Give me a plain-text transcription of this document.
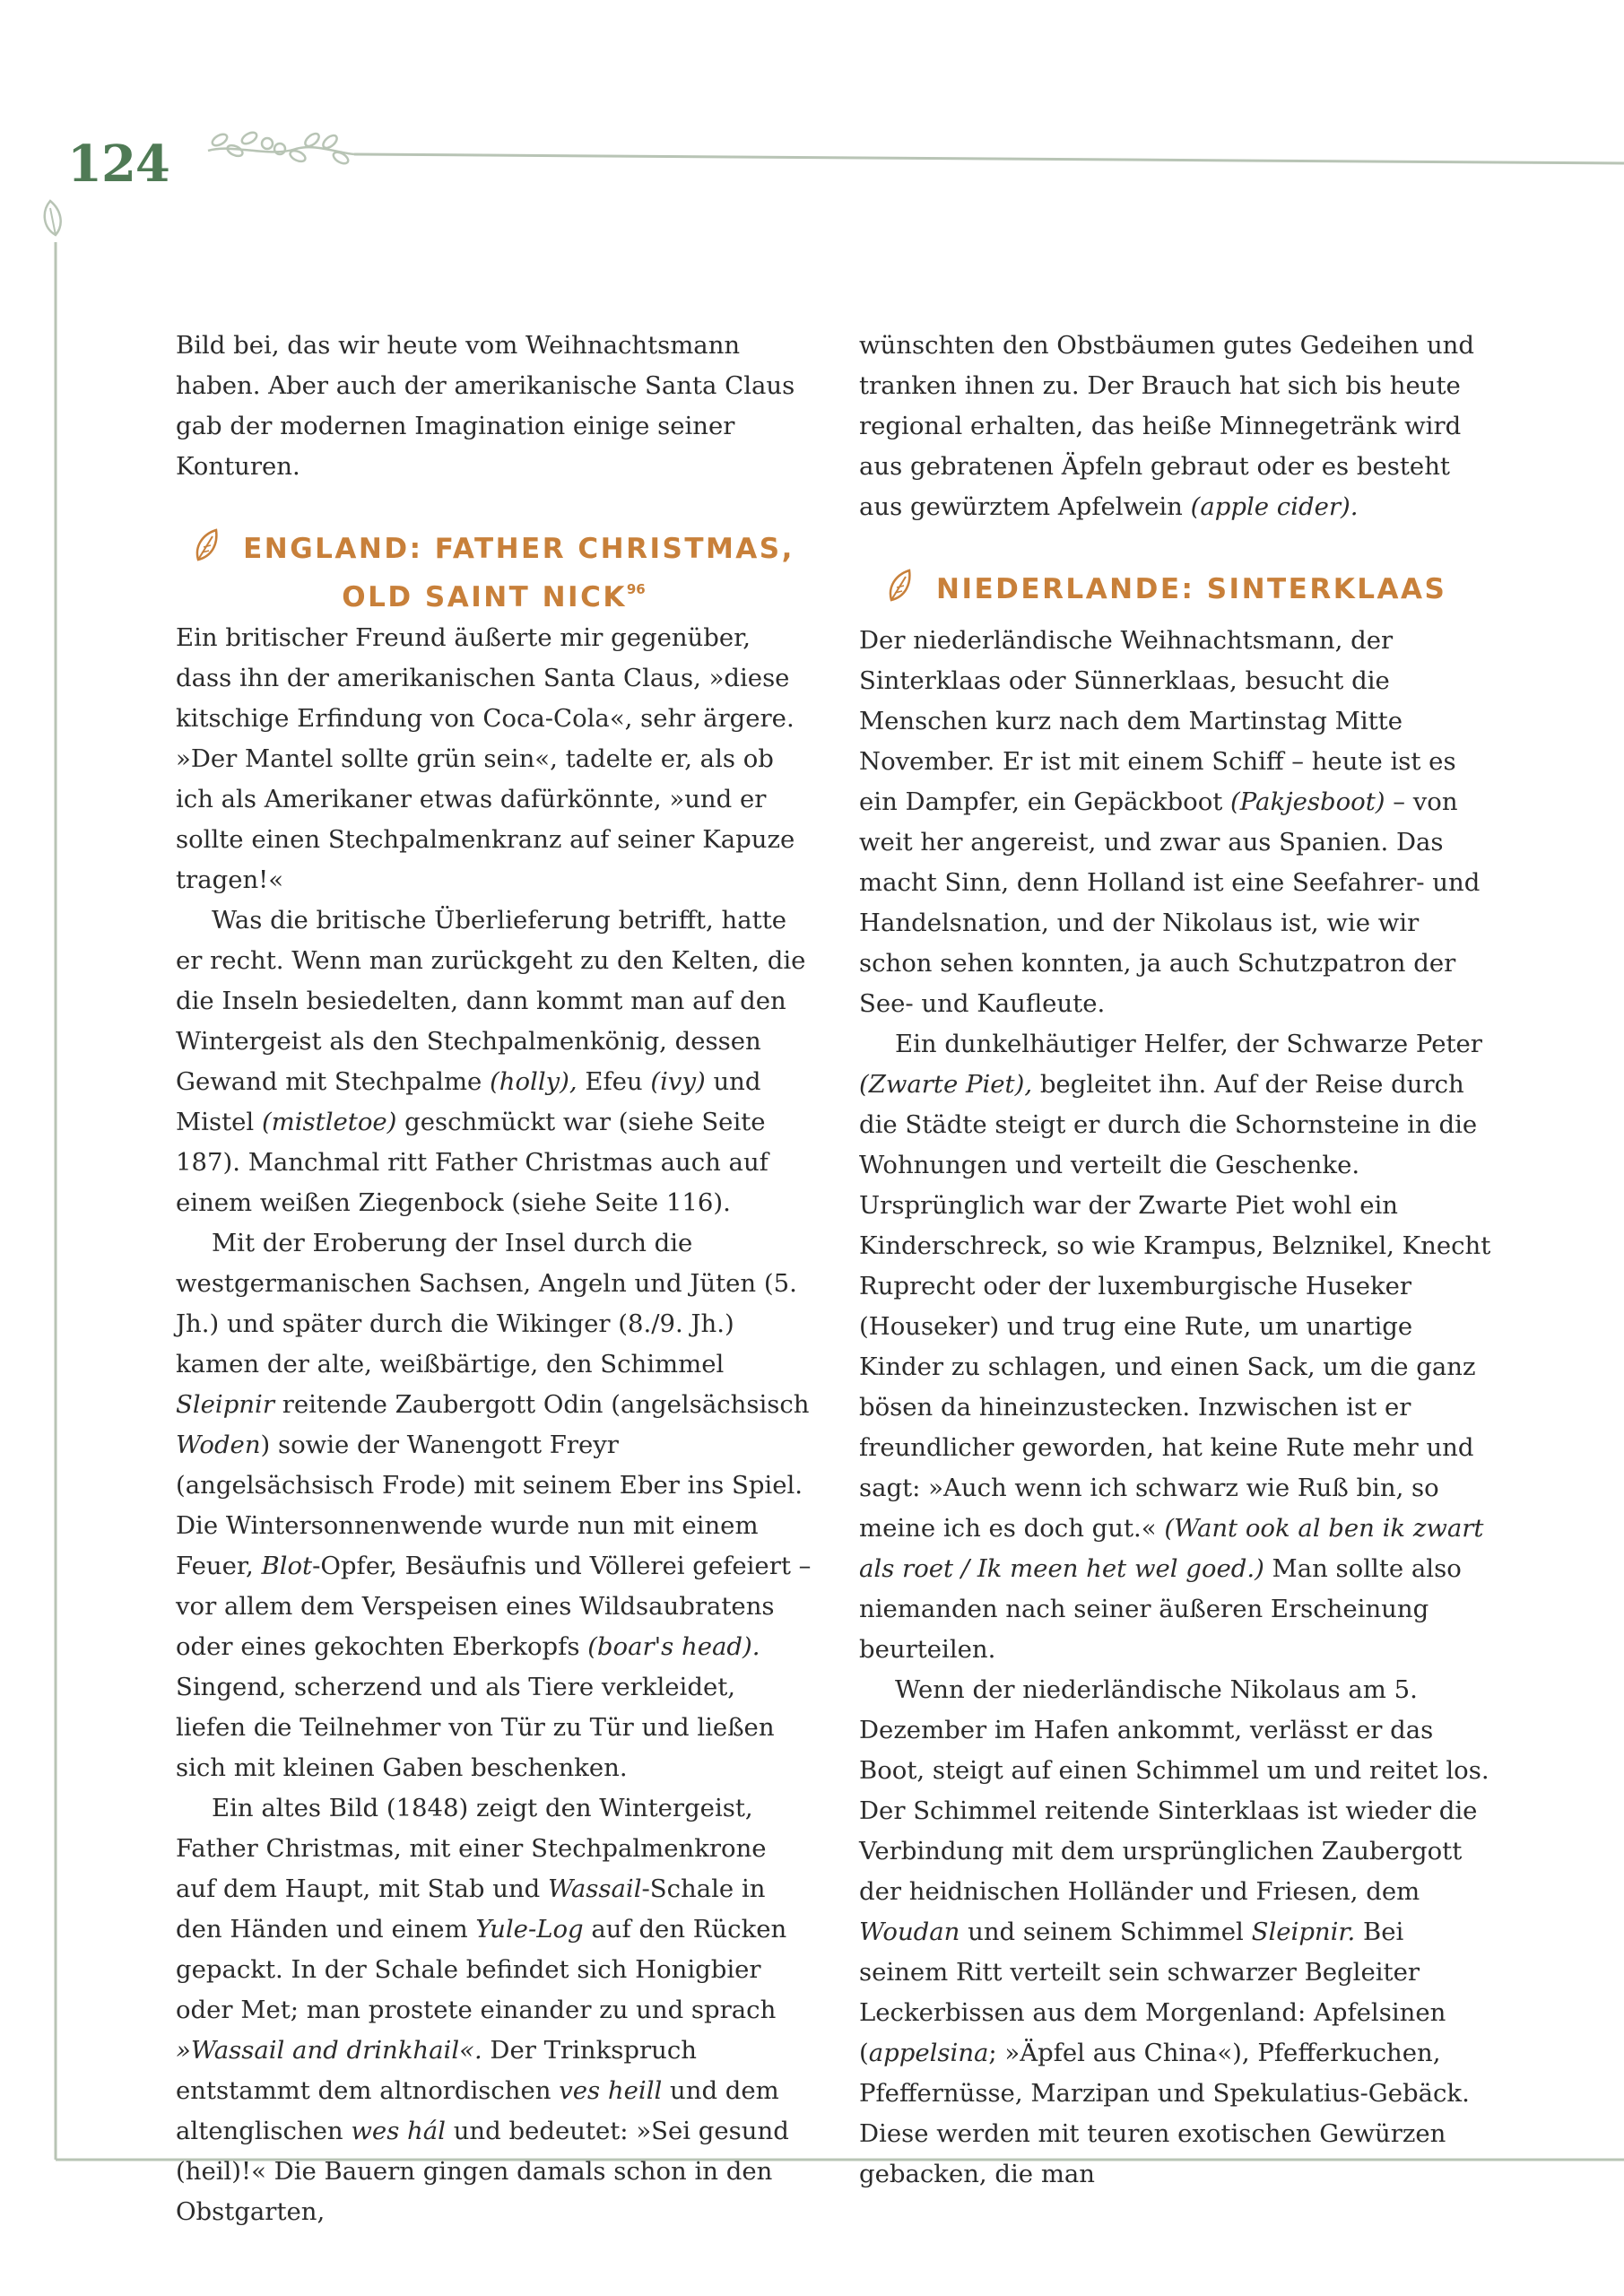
124

Bild bei, das wir heute vom Weihnachtsmann haben. Aber auch der amerikanische Santa Claus gab der modernen Imagination einige seiner Konturen.

ENGLAND: FATHER CHRISTMAS, OLD SAINT NICK$^{96}$

Ein britischer Freund äußerte mir gegenüber, dass ihn der amerikanischen Santa Claus, »diese kitschige Erfindung von Coca-Cola«, sehr ärgere. »Der Mantel sollte grün sein«, tadelte er, als ob ich als Amerikaner etwas dafürkönnte, »und er sollte einen Stechpalmenkranz auf seiner Kapuze tragen!«

Was die britische Überlieferung betrifft, hatte er recht. Wenn man zurückgeht zu den Kelten, die die Inseln besiedelten, dann kommt man auf den Wintergeist als den Stechpalmenkönig, dessen Gewand mit Stechpalme (holly), Efeu (ivy) und Mistel (mistletoe) geschmückt war (siehe Seite 187). Manchmal ritt Father Christmas auch auf einem weißen Ziegenbock (siehe Seite 116).

Mit der Eroberung der Insel durch die westgermanischen Sachsen, Angeln und Jüten (5. Jh.) und später durch die Wikinger (8./9. Jh.) kamen der alte, weißbärtige, den Schimmel Sleipnir reitende Zaubergott Odin (angelsächsisch Woden) sowie der Wanengott Freyr (angelsächsisch Frode) mit seinem Eber ins Spiel. Die Wintersonnenwende wurde nun mit einem Feuer, Blot-Opfer, Besäufnis und Völlerei gefeiert – vor allem dem Verspeisen eines Wildsaubratens oder eines gekochten Eberkopfs (boar's head). Singend, scherzend und als Tiere verkleidet, liefen die Teilnehmer von Tür zu Tür und ließen sich mit kleinen Gaben beschenken.

Ein altes Bild (1848) zeigt den Wintergeist, Father Christmas, mit einer Stechpalmenkrone auf dem Haupt, mit Stab und Wassail-Schale in den Händen und einem Yule-Log auf den Rücken gepackt. In der Schale befindet sich Honigbier oder Met; man prostete einander zu und sprach »Wassail and drinkhail«. Der Trinkspruch entstammt dem altnordischen ves heill und dem altenglischen wes hál und bedeutet: »Sei gesund (heil)!« Die Bauern gingen damals schon in den Obstgarten,

wünschten den Obstbäumen gutes Gedeihen und tranken ihnen zu. Der Brauch hat sich bis heute regional erhalten, das heiße Minnegetränk wird aus gebratenen Äpfeln gebraut oder es besteht aus gewürztem Apfelwein (apple cider).

NIEDERLANDE: SINTERKLAAS

Der niederländische Weihnachtsmann, der Sinterklaas oder Sünnerklaas, besucht die Menschen kurz nach dem Martinstag Mitte November. Er ist mit einem Schiff – heute ist es ein Dampfer, ein Gepäckboot (Pakjesboot) – von weit her angereist, und zwar aus Spanien. Das macht Sinn, denn Holland ist eine Seefahrer- und Handelsnation, und der Nikolaus ist, wie wir schon sehen konnten, ja auch Schutzpatron der See- und Kaufleute.

Ein dunkelhäutiger Helfer, der Schwarze Peter (Zwarte Piet), begleitet ihn. Auf der Reise durch die Städte steigt er durch die Schornsteine in die Wohnungen und verteilt die Geschenke. Ursprünglich war der Zwarte Piet wohl ein Kinderschreck, so wie Krampus, Belznikel, Knecht Ruprecht oder der luxemburgische Huseker (Houseker) und trug eine Rute, um unartige Kinder zu schlagen, und einen Sack, um die ganz bösen da hineinzustecken. Inzwischen ist er freundlicher geworden, hat keine Rute mehr und sagt: »Auch wenn ich schwarz wie Ruß bin, so meine ich es doch gut.« (Want ook al ben ik zwart als roet / Ik meen het wel goed.) Man sollte also niemanden nach seiner äußeren Erscheinung beurteilen.

Wenn der niederländische Nikolaus am 5. Dezember im Hafen ankommt, verlässt er das Boot, steigt auf einen Schimmel um und reitet los. Der Schimmel reitende Sinterklaas ist wieder die Verbindung mit dem ursprünglichen Zaubergott der heidnischen Holländer und Friesen, dem Woudan und seinem Schimmel Sleipnir. Bei seinem Ritt verteilt sein schwarzer Begleiter Leckerbissen aus dem Morgenland: Apfelsinen (appelsina; »Äpfel aus China«), Pfefferkuchen, Pfeffernüsse, Marzipan und Spekulatius-Gebäck. Diese werden mit teuren exotischen Gewürzen gebacken, die man
